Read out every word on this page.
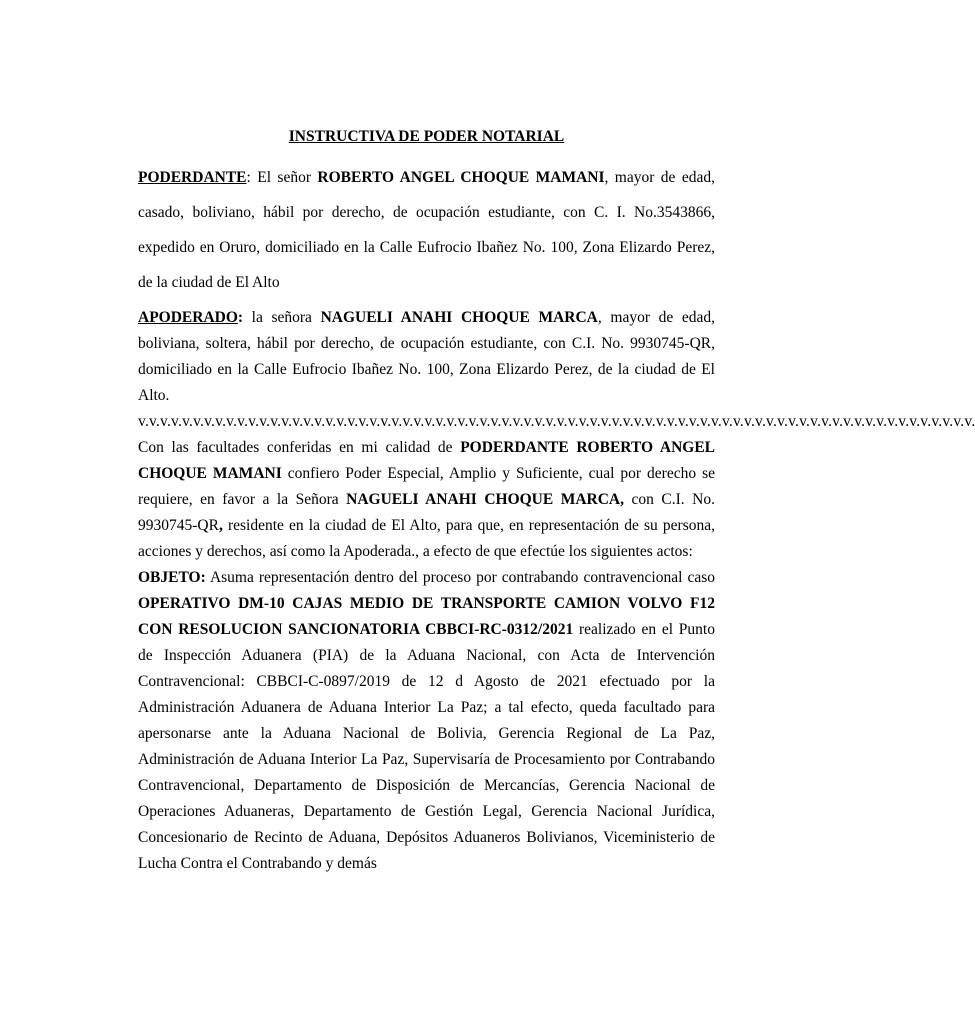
INSTRUCTIVA DE PODER NOTARIAL

PODERDANTE: El señor ROBERTO ANGEL CHOQUE MAMANI, mayor de edad, casado, boliviano, hábil por derecho, de ocupación estudiante, con C. I. No.3543866, expedido en Oruro, domiciliado en la Calle Eufrocio Ibañez No. 100, Zona Elizardo Perez, de la ciudad de El Alto

APODERADO: la señora NAGUELI ANAHI CHOQUE MARCA, mayor de edad, boliviana, soltera, hábil por derecho, de ocupación estudiante, con C.I. No. 9930745-QR, domiciliado en la Calle Eufrocio Ibañez No. 100, Zona Elizardo Perez, de la ciudad de El Alto.

v.v.v.v.v.v.v.v.v.v.v.v.v.v.v.v.v.v.v.v.v.v.v.v.v.v.v.v.v.v.v.v.v.v.v.v.v.v.v.v.v.v.v.v.v.v.v.v.v.v.v.v.v.v.v.v.v.v.v.v.v.v.v.v.v.v.v.v.v.v.v.v.v.v.v.v.

Con las facultades conferidas en mi calidad de PODERDANTE ROBERTO ANGEL CHOQUE MAMANI confiero Poder Especial, Amplio y Suficiente, cual por derecho se requiere, en favor a la Señora NAGUELI ANAHI CHOQUE MARCA, con C.I. No. 9930745-QR, residente en la ciudad de El Alto, para que, en representación de su persona, acciones y derechos, así como la Apoderada., a efecto de que efectúe los siguientes actos:

OBJETO: Asuma representación dentro del proceso por contrabando contravencional caso OPERATIVO DM-10 CAJAS MEDIO DE TRANSPORTE CAMION VOLVO F12 CON RESOLUCION SANCIONATORIA CBBCI-RC-0312/2021 realizado en el Punto de Inspección Aduanera (PIA) de la Aduana Nacional, con Acta de Intervención Contravencional: CBBCI-C-0897/2019 de 12 d Agosto de 2021 efectuado por la Administración Aduanera de Aduana Interior La Paz; a tal efecto, queda facultado para apersonarse ante la Aduana Nacional de Bolivia, Gerencia Regional de La Paz, Administración de Aduana Interior La Paz, Supervisaría de Procesamiento por Contrabando Contravencional, Departamento de Disposición de Mercancías, Gerencia Nacional de Operaciones Aduaneras, Departamento de Gestión Legal, Gerencia Nacional Jurídica, Concesionario de Recinto de Aduana, Depósitos Aduaneros Bolivianos, Viceministerio de Lucha Contra el Contrabando y demás
